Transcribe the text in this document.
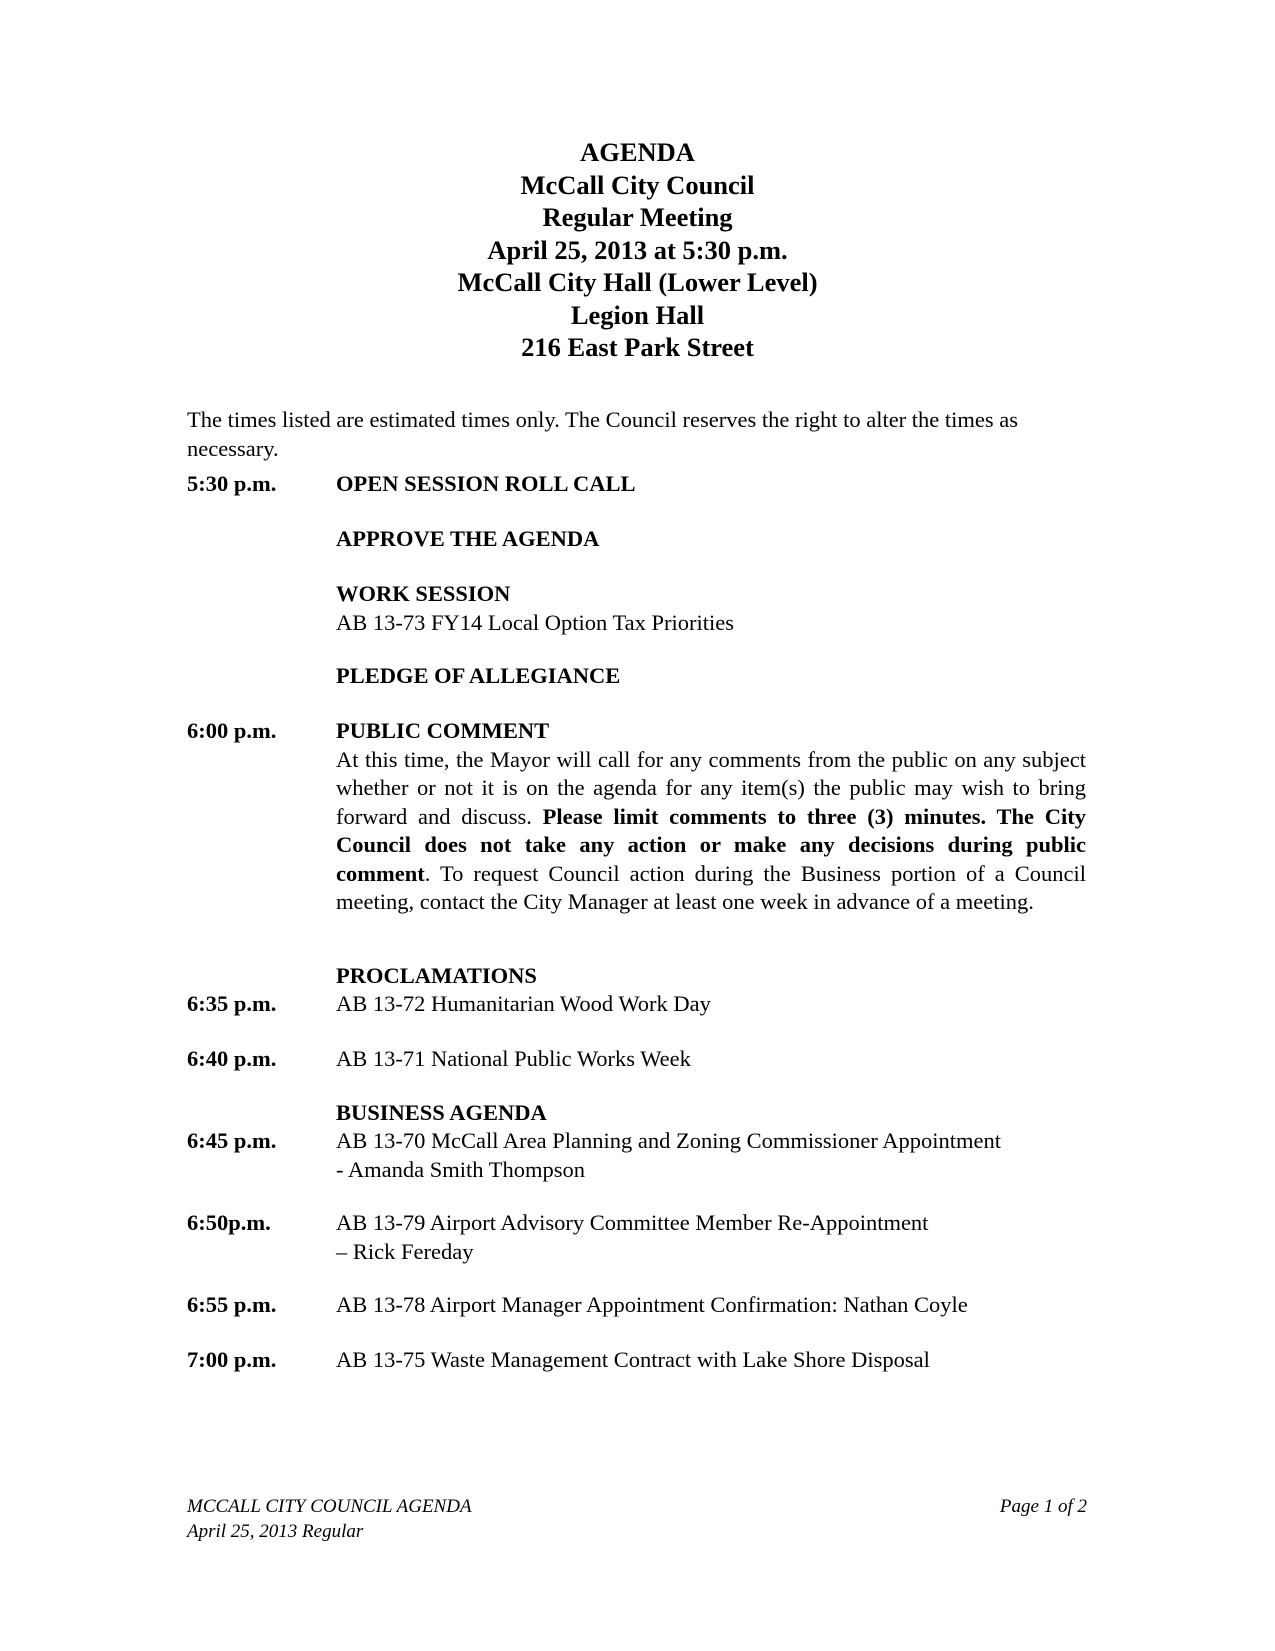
AGENDA
McCall City Council
Regular Meeting
April 25, 2013 at 5:30 p.m.
McCall City Hall (Lower Level)
Legion Hall
216 East Park Street
The times listed are estimated times only. The Council reserves the right to alter the times as necessary.
5:30 p.m.	OPEN SESSION ROLL CALL
APPROVE THE AGENDA
WORK SESSION
AB 13-73 FY14 Local Option Tax Priorities
PLEDGE OF ALLEGIANCE
6:00 p.m.	PUBLIC COMMENT
At this time, the Mayor will call for any comments from the public on any subject whether or not it is on the agenda for any item(s) the public may wish to bring forward and discuss. Please limit comments to three (3) minutes. The City Council does not take any action or make any decisions during public comment. To request Council action during the Business portion of a Council meeting, contact the City Manager at least one week in advance of a meeting.
PROCLAMATIONS
6:35 p.m.	AB 13-72 Humanitarian Wood Work Day
6:40 p.m.	AB 13-71 National Public Works Week
BUSINESS AGENDA
6:45 p.m.	AB 13-70 McCall Area Planning and Zoning Commissioner Appointment
- Amanda Smith Thompson
6:50p.m.	AB 13-79 Airport Advisory Committee Member Re-Appointment
– Rick Fereday
6:55 p.m.	AB 13-78 Airport Manager Appointment Confirmation: Nathan Coyle
7:00 p.m.	AB 13-75 Waste Management Contract with Lake Shore Disposal
MCCALL CITY COUNCIL AGENDA
April 25, 2013 Regular
Page 1 of 2
